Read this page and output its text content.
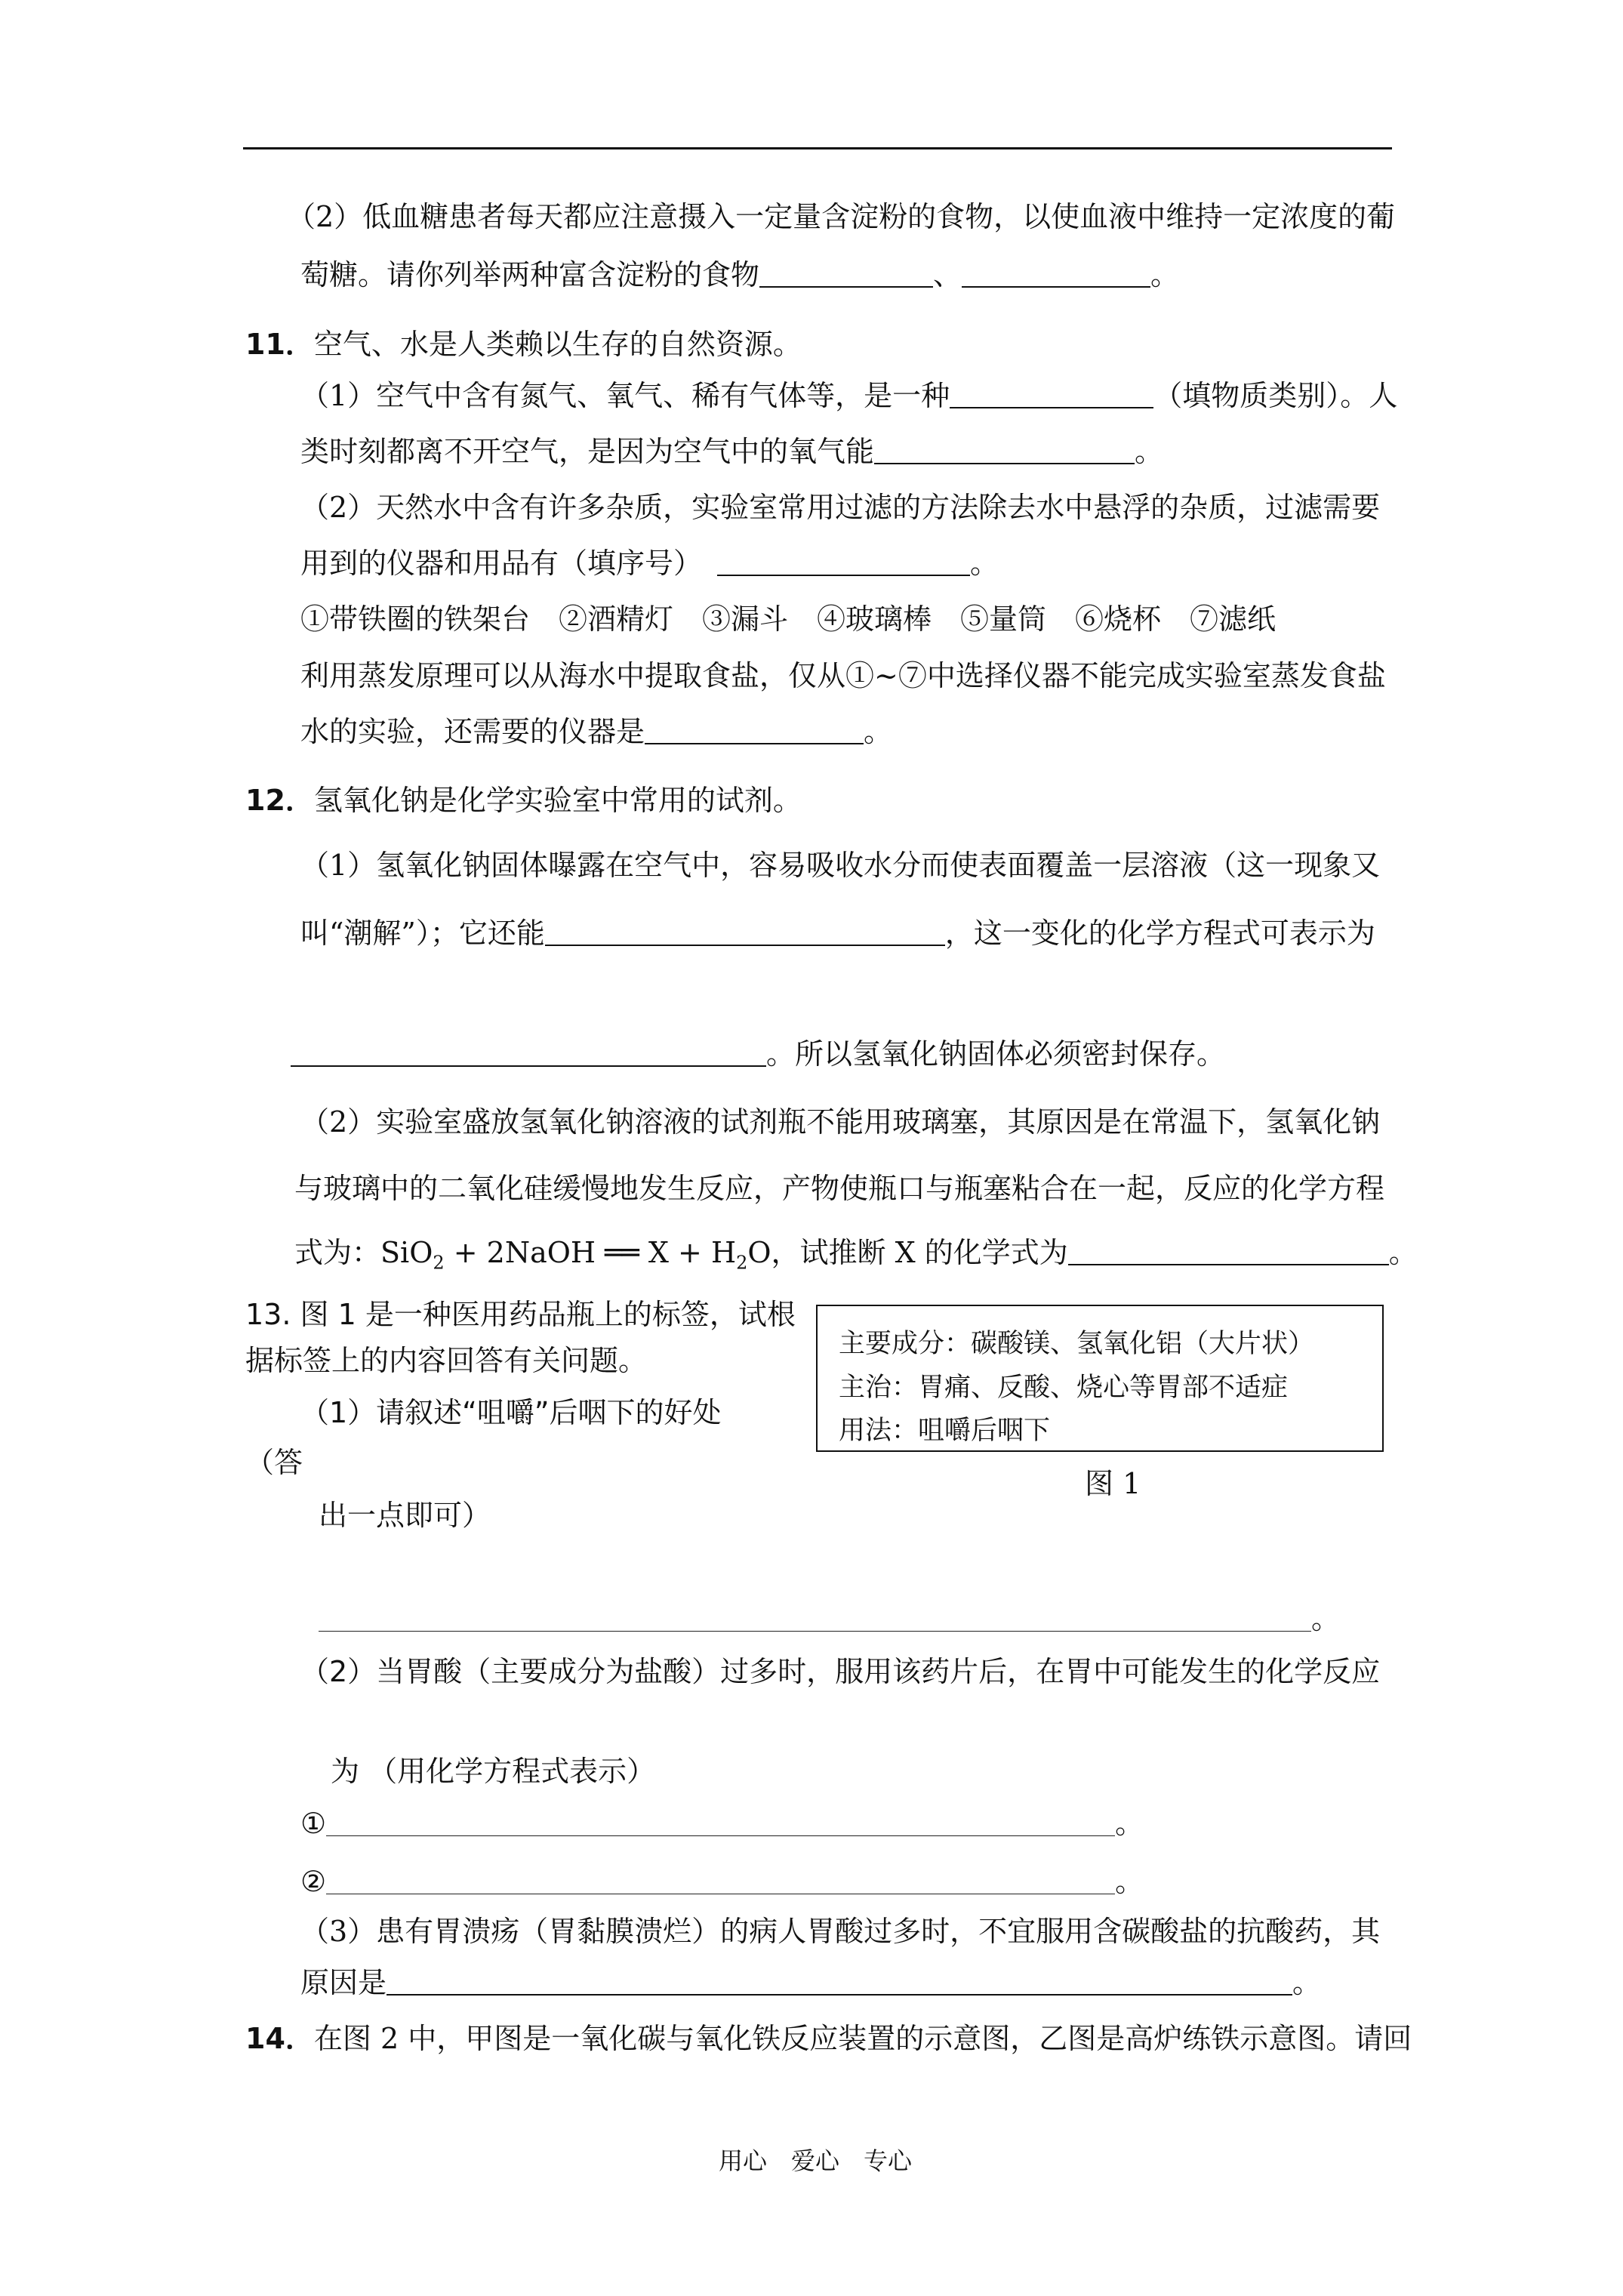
（2）低血糖患者每天都应注意摄入一定量含淀粉的食物，以使血液中维持一定浓度的葡
萄糖。请你列举两种富含淀粉的食物	、	。
11．空气、水是人类赖以生存的自然资源。
（1）空气中含有氮气、氧气、稀有气体等，是一种	（填物质类别）。人
类时刻都离不开空气，是因为空气中的氧气能	。
（2）天然水中含有许多杂质，实验室常用过滤的方法除去水中悬浮的杂质，过滤需要
用到的仪器和用品有（填序号）	。
①带铁圈的铁架台　②酒精灯　③漏斗　④玻璃棒　⑤量筒　⑥烧杯　⑦滤纸
利用蒸发原理可以从海水中提取食盐，仅从①~⑦中选择仪器不能完成实验室蒸发食盐
水的实验，还需要的仪器是	。
12．氢氧化钠是化学实验室中常用的试剂。
（1）氢氧化钠固体曝露在空气中，容易吸收水分而使表面覆盖一层溶液（这一现象又
叫“潮解”）；它还能	，这一变化的化学方程式可表示为
。所以氢氧化钠固体必须密封保存。
（2）实验室盛放氢氧化钠溶液的试剂瓶不能用玻璃塞，其原因是在常温下，氢氧化钠
与玻璃中的二氧化硅缓慢地发生反应，产物使瓶口与瓶塞粘合在一起，反应的化学方程
式为：SiO$_2$ + 2NaOH ══ $X + H_2O$，试推断 X 的化学式为	。
13. 图 1 是一种医用药品瓶上的标签，试根
据标签上的内容回答有关问题。
（1）请叙述“咀嚼”后咽下的好处
（答
出一点即可）
主要成分：碳酸镁、氢氧化铝（大片状）
主治：胃痛、反酸、烧心等胃部不适症
用法：咀嚼后咽下
图 1
。
（2）当胃酸（主要成分为盐酸）过多时，服用该药片后，在胃中可能发生的化学反应
为 （用化学方程式表示）
①	。
②	。
（3）患有胃溃疡（胃黏膜溃烂）的病人胃酸过多时，不宜服用含碳酸盐的抗酸药，其
原因是	。
14．在图 2 中，甲图是一氧化碳与氧化铁反应装置的示意图，乙图是高炉练铁示意图。请回
用心　爱心　专心
